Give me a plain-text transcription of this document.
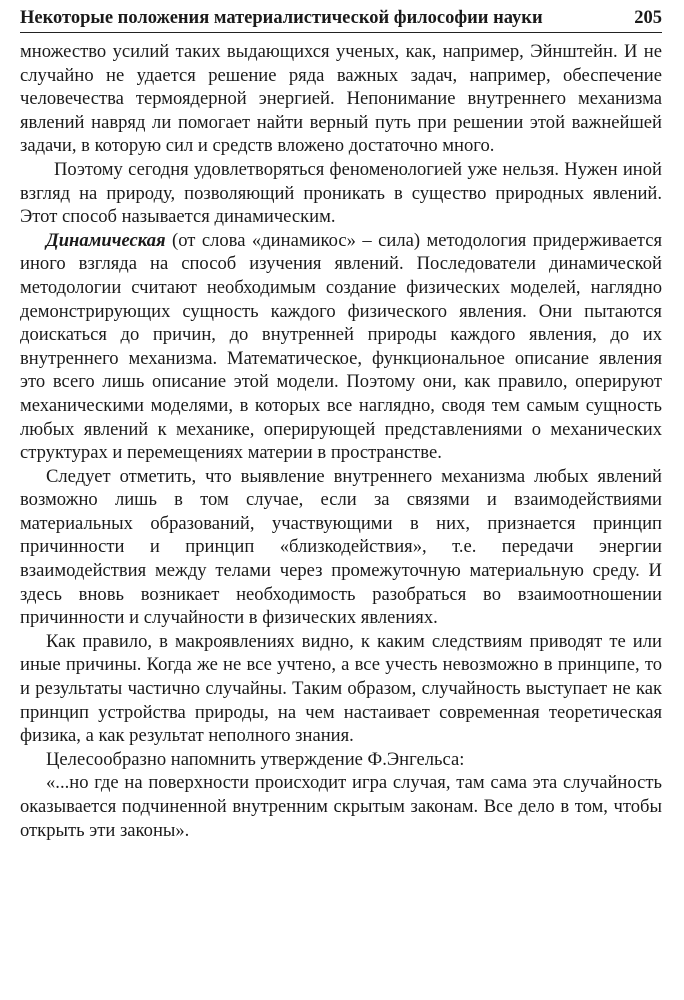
Некоторые положения материалистической философии науки	205

множество усилий таких выдающихся ученых, как, например, Эйнштейн. И не случайно не удается решение ряда важных задач, например, обеспечение человечества термоядерной энергией. Непонимание внутреннего механизма явлений навряд ли помогает найти верный путь при решении этой важнейшей задачи, в которую сил и средств вложено достаточно много.

Поэтому сегодня удовлетворяться феноменологией уже нельзя. Нужен иной взгляд на природу, позволяющий проникать в существо природных явлений. Этот способ называется динамическим.

Динамическая (от слова «динамикос» – сила) методология придерживается иного взгляда на способ изучения явлений. Последователи динамической методологии считают необходимым создание физических моделей, наглядно демонстрирующих сущность каждого физического явления. Они пытаются доискаться до причин, до внутренней природы каждого явления, до их внутреннего механизма. Математическое, функциональное описание явления это всего лишь описание этой модели. Поэтому они, как правило, оперируют механическими моделями, в которых все наглядно, сводя тем самым сущность любых явлений к механике, оперирующей представлениями о механических структурах и перемещениях материи в пространстве.

Следует отметить, что выявление внутреннего механизма любых явлений возможно лишь в том случае, если за связями и взаимодействиями материальных образований, участвующими в них, признается принцип причинности и принцип «близкодействия», т.е. передачи энергии взаимодействия между телами через промежуточную материальную среду. И здесь вновь возникает необходимость разобраться во взаимоотношении причинности и случайности в физических явлениях.

Как правило, в макроявлениях видно, к каким следствиям приводят те или иные причины. Когда же не все учтено, а все учесть невозможно в принципе, то и результаты частично случайны. Таким образом, случайность выступает не как принцип устройства природы, на чем настаивает современная теоретическая физика, а как результат неполного знания.

Целесообразно напомнить утверждение Ф.Энгельса:

«...но где на поверхности происходит игра случая, там сама эта случайность оказывается подчиненной внутренним скрытым законам. Все дело в том, чтобы открыть эти законы».
